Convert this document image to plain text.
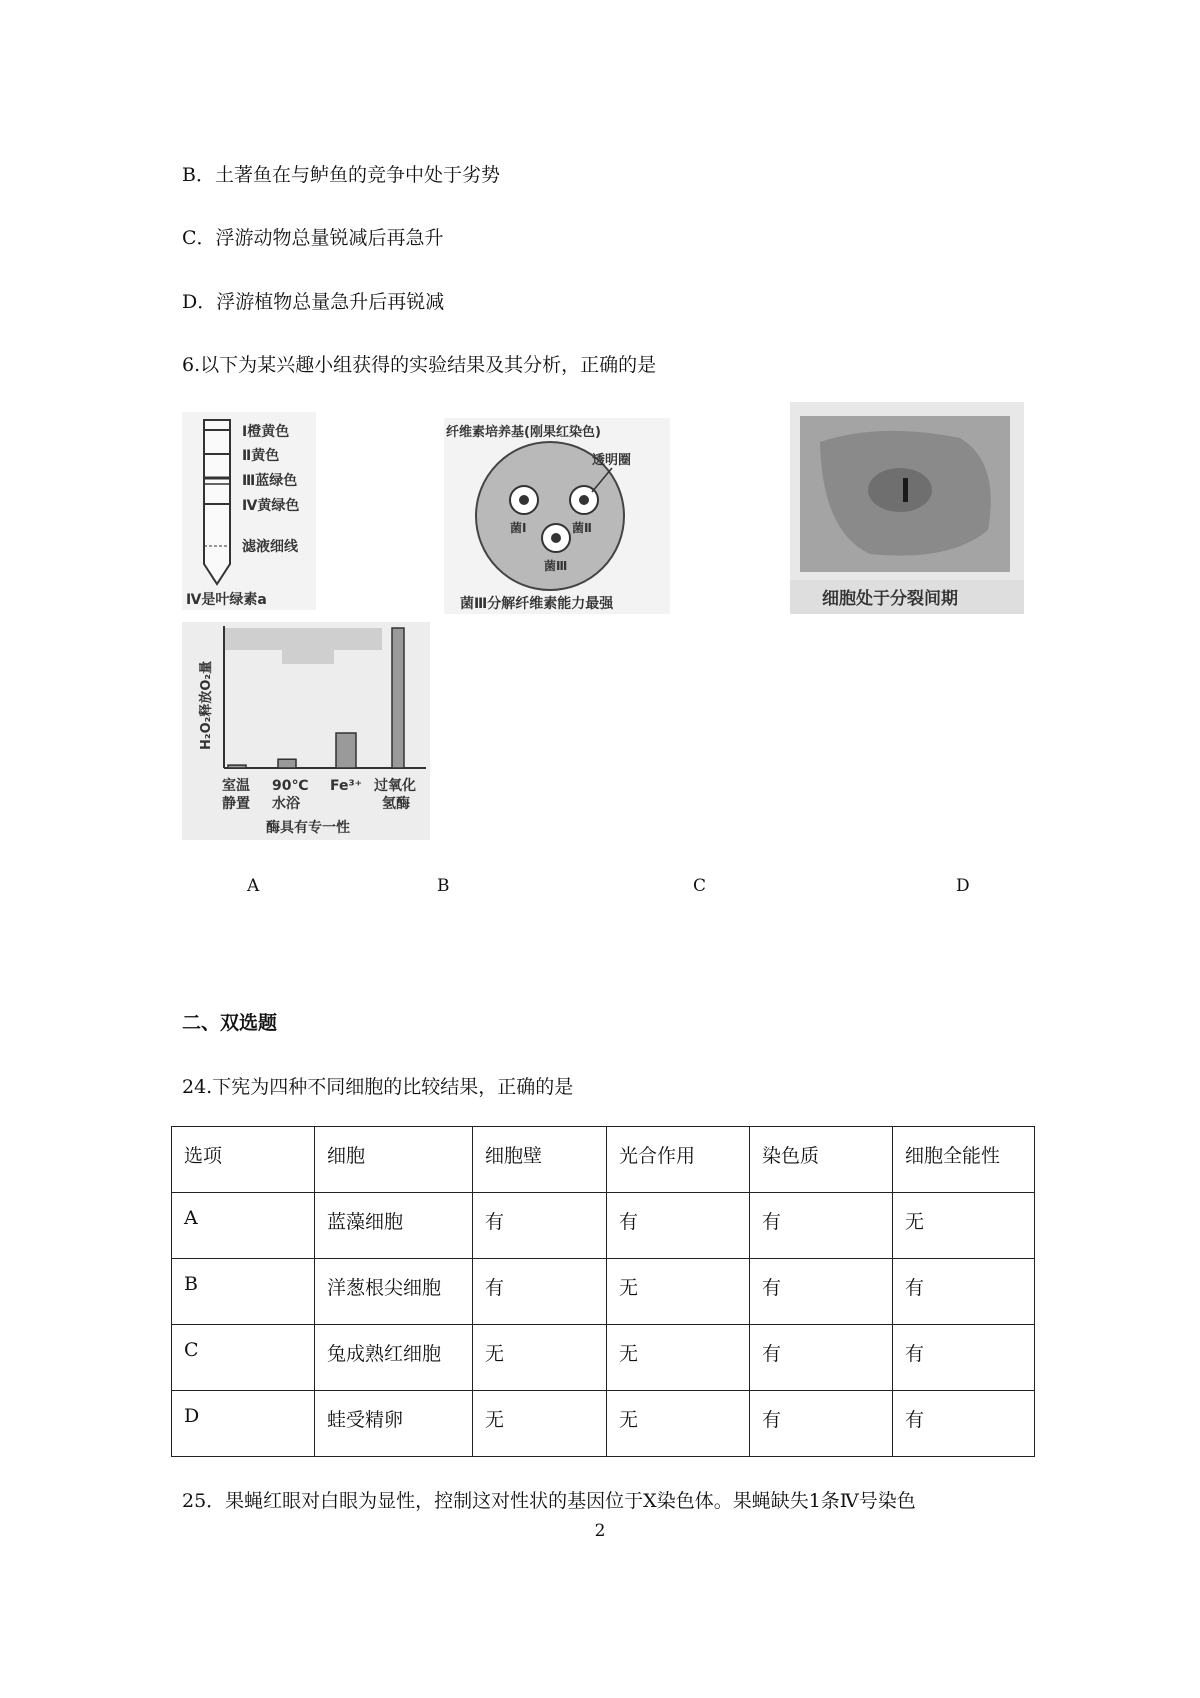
B．土著鱼在与鲈鱼的竞争中处于劣势
C．浮游动物总量锐减后再急升
D．浮游植物总量急升后再锐减
6.以下为某兴趣小组获得的实验结果及其分析，正确的是
Ⅰ橙黄色
Ⅱ黄色
Ⅲ蓝绿色
Ⅳ黄绿色
滤液细线
Ⅳ是叶绿素a
纤维素培养基(刚果红染色)
透明圈
菌Ⅰ	菌Ⅱ
菌Ⅲ
菌Ⅲ分解纤维素能力最强	细胞处于分裂间期
H₂O₂释放O₂量
室温
静置
90℃
水浴
Fe³⁺ 过氧化
氢酶
酶具有专一性
A	B	C	D
二、双选题
24.下宪为四种不同细胞的比较结果，正确的是
选项	细胞	细胞壁	光合作用	染色质	细胞全能性
A	蓝藻细胞	有	有	有	无
B	洋葱根尖细胞	有	无	有	有
C	兔成熟红细胞	无	无	有	有
D	蛙受精卵	无	无	有	有
25．果蝇红眼对白眼为显性，控制这对性状的基因位于X染色体。果蝇缺失1条Ⅳ号染色
2
